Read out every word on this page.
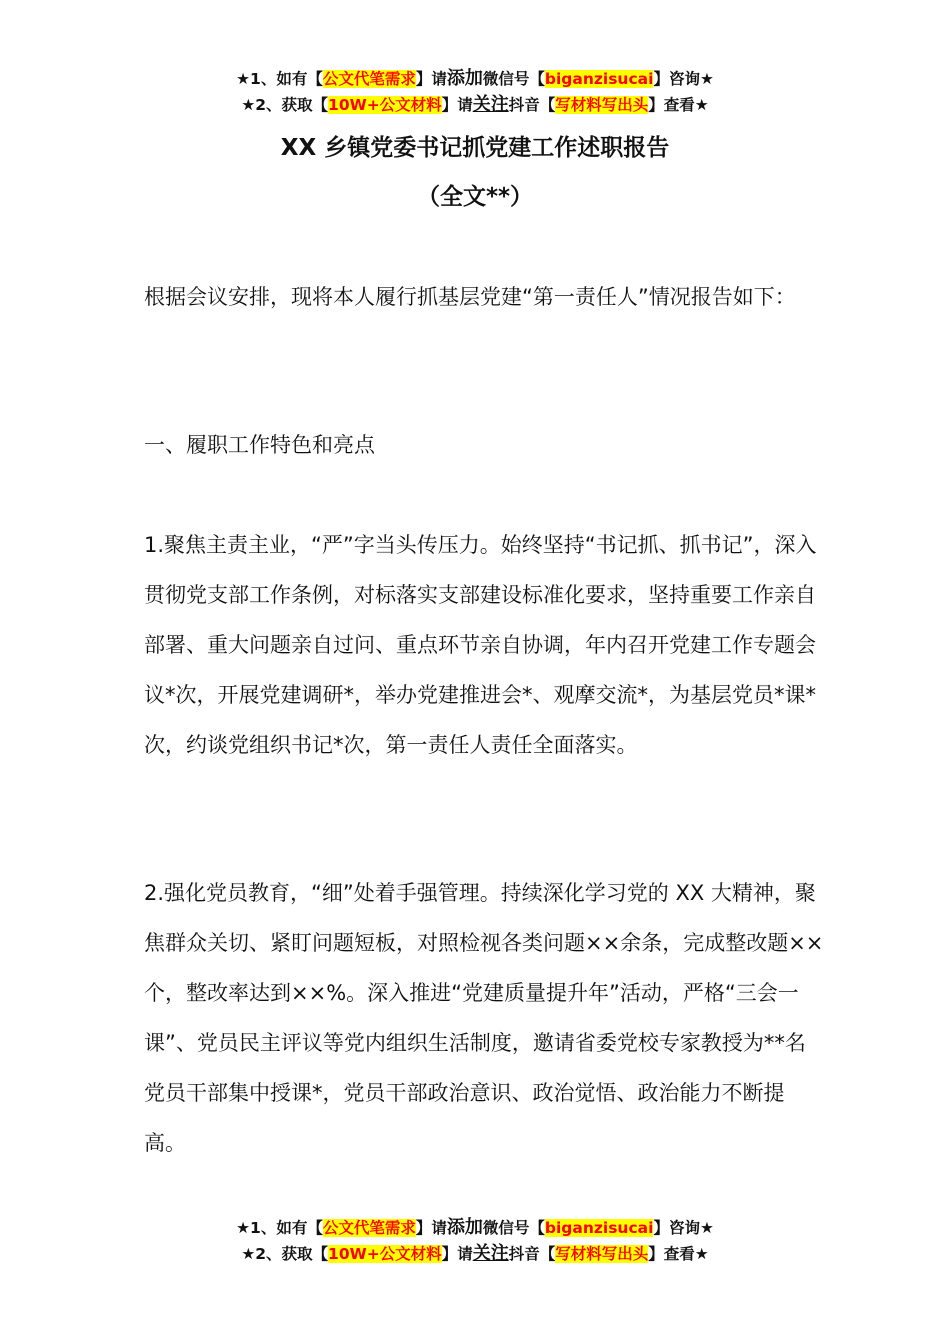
★1、如有【公文代笔需求】请添加微信号【biganzisucai】咨询★
★2、获取【10W+公文材料】请关注抖音【写材料写出头】查看★
XX 乡镇党委书记抓党建工作述职报告
（全文**）

根据会议安排，现将本人履行抓基层党建“第一责任人”情况报告如下：

一、履职工作特色和亮点

1.聚焦主责主业，“严”字当头传压力。始终坚持“书记抓、抓书记”，深入贯彻党支部工作条例，对标落实支部建设标准化要求，坚持重要工作亲自部署、重大问题亲自过问、重点环节亲自协调，年内召开党建工作专题会议*次，开展党建调研*，举办党建推进会*、观摩交流*，为基层党员*课*次，约谈党组织书记*次，第一责任人责任全面落实。

2.强化党员教育，“细”处着手强管理。持续深化学习党的 XX 大精神，聚焦群众关切、紧盯问题短板，对照检视各类问题××余条，完成整改题××个，整改率达到××%。深入推进“党建质量提升年”活动，严格“三会一课”、党员民主评议等党内组织生活制度，邀请省委党校专家教授为**名党员干部集中授课*，党员干部政治意识、政治觉悟、政治能力不断提高。

★1、如有【公文代笔需求】请添加微信号【biganzisucai】咨询★
★2、获取【10W+公文材料】请关注抖音【写材料写出头】查看★
